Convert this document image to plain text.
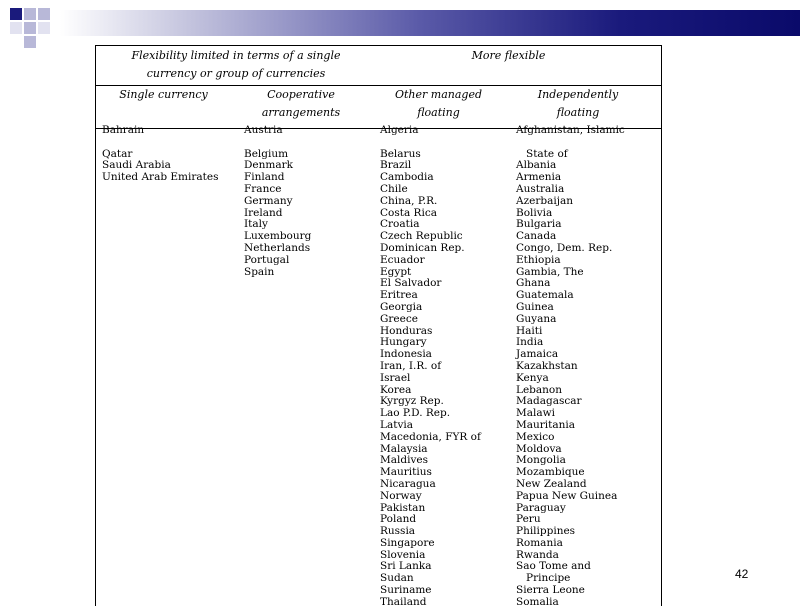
Flexibility limited in terms of a single
currency or group of currencies
More flexible
Single currency	Cooperative
arrangements
Other managed
floating
Independently
floating
Bahrain
Qatar
Saudi Arabia
United Arab Emirates
Austria
Belgium
Denmark
Finland
France
Germany
Ireland
Italy
Luxembourg
Netherlands
Portugal
Spain
Algeria
Belarus
Brazil
Cambodia
Chile
China, P.R.
Costa Rica
Croatia
Czech Republic
Dominican Rep.
Ecuador
Egypt
El Salvador
Eritrea
Georgia
Greece
Honduras
Hungary
Indonesia
Iran, I.R. of
Israel
Korea
Kyrgyz Rep.
Lao P.D. Rep.
Latvia
Macedonia, FYR of
Malaysia
Maldives
Mauritius
Nicaragua
Norway
Pakistan
Poland
Russia
Singapore
Slovenia
Sri Lanka
Sudan
Suriname
Thailand
Afghanistan, Islamic
State of
Albania
Armenia
Australia
Azerbaijan
Bolivia
Bulgaria
Canada
Congo, Dem. Rep.
Ethiopia
Gambia, The
Ghana
Guatemala
Guinea
Guyana
Haiti
India
Jamaica
Kazakhstan
Kenya
Lebanon
Madagascar
Malawi
Mauritania
Mexico
Moldova
Mongolia
Mozambique
New Zealand
Papua New Guinea
Paraguay
Peru
Philippines
Romania
Rwanda
Sao Tome and
Principe
Sierra Leone
Somalia
42
